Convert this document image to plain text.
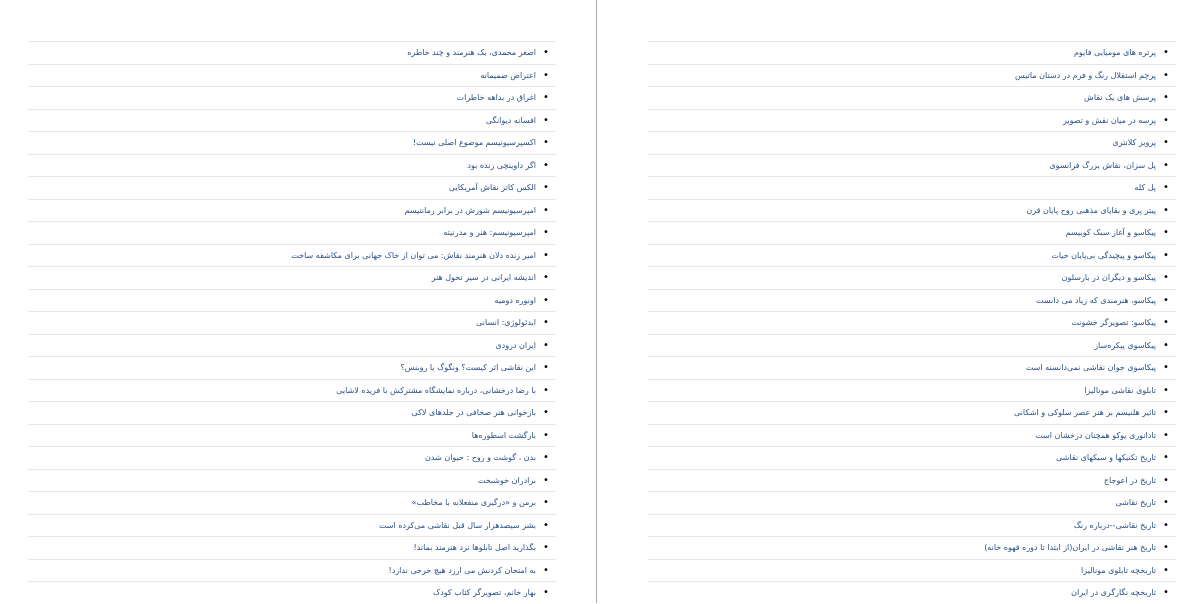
•
اصغر محمدی، یک هنرمند و چند خاطره
•
اعتراض صمیمانه
•
اغراق در بداهه خاطرات
•
افسانه دیوانگی
•
اکسپرسیونیسم موضوع اصلی نیست!
•
اگر داوینچی زنده بود
•
الکس کاتز نقاش آمریکایی
•
امپرسیونیسم شورش در برابر رمانتیسم
•
امپرسیونیسم: هنر و مدرنیته
•
امیر زنده دلان هنرمند نقاش: می توان از خاک جهانی برای مکاشفه ساخت
•
اندیشه ایرانی در سیر تحول هنر
•
اونوره دومیه
•
ایدئولوژی: انسانی
•
ایران درودی
•
این نقاشی اثر کیست؟ ونگوگ یا روبنس؟
•
با رضا درخشانی، درباره نمایشگاه مشترکش با فریده لاشایی
•
بازخوانی هنر صحافی در جلدهای لاکی
•
بازگشت اسطوره‌ها
•
بدن ، گوشت و روح : حیوان شدن
•
برادران خوشبخت
•
برمن و «درگیری منفعلانه با مخاطب»
•
بشر سیصدهزار سال قبل نقاشی می‌کرده است
•
بگذارید اصل تابلوها نزد هنرمند بماند!
•
به امتحان کردنش می ارزد هیچ خرجی ندارد!
•
بهار خانم، تصویرگر کتاب کودک
•
پرتره های مومیایی فایوم
•
پرچم استقلال رنگ و فرم در دستان ماتیس
•
پرسش های یک نقاش
•
پرسه در میان نقش و تصویر
•
پرویز کلانتری
•
پل سزان، نقاش بزرگ فرانسوی
•
پل کله
•
پیتر پری و بقایای مذهبی روح پایان قرن
•
پیکاسو و آغاز سبک کوبیسم
•
پیکاسو و پیچیدگی بی‌پایان حیات
•
پیکاسو و دیگران در بارسلون
•
پیکاسو، هنرمندی که زیاد می دانست
•
پیکاسو: تصویرگر خشونت
•
پیکاسوی پیکره‌ساز
•
پیکاسوی جوان نقاشی نمی‌دانسته است
•
تابلوی نقاشی مونالیزا
•
تاثیر هلنیسم بر هنر عصر سلوکی و اشکانی
•
تادانوری یوکو همچنان درخشان است
•
تاریخ تکنیکها و سبکهای نقاشی
•
تاریخ در اعوجاج
•
تاریخ نقاشی
•
تاریخ نقاشی--درباره رنگ
•
تاریخ هنر نقاشی در ایران(از ابتدا تا دوره قهوه خانه)
•
تاریخچه تابلوی مونالیزا
•
تاریخچه نگارگری در ایران
